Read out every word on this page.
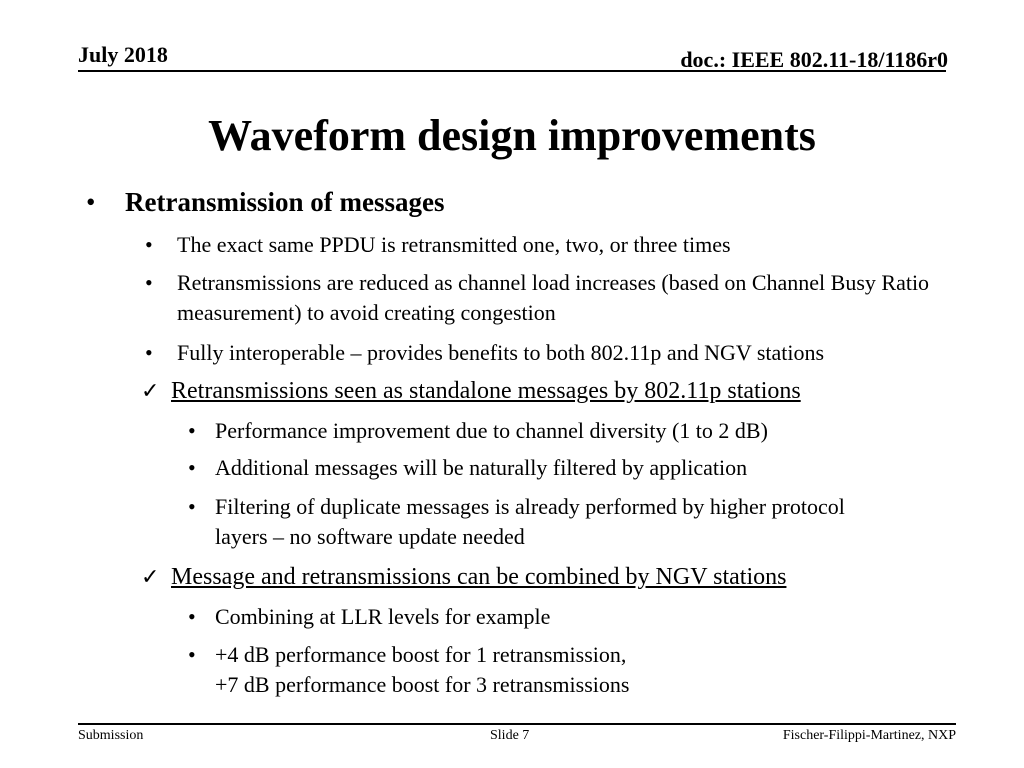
July 2018	doc.: IEEE 802.11-18/1186r0
Waveform design improvements
• Retransmission of messages
• The exact same PPDU is retransmitted one, two, or three times
• Retransmissions are reduced as channel load increases (based on Channel Busy Ratio measurement) to avoid creating congestion
• Fully interoperable – provides benefits to both 802.11p and NGV stations
✓ Retransmissions seen as standalone messages by 802.11p stations
• Performance improvement due to channel diversity (1 to 2 dB)
• Additional messages will be naturally filtered by application
• Filtering of duplicate messages is already performed by higher protocol layers – no software update needed
✓ Message and retransmissions can be combined by NGV stations
• Combining at LLR levels for example
• +4 dB performance boost for 1 retransmission,
+7 dB performance boost for 3 retransmissions
Submission	Slide 7	Fischer-Filippi-Martinez, NXP
